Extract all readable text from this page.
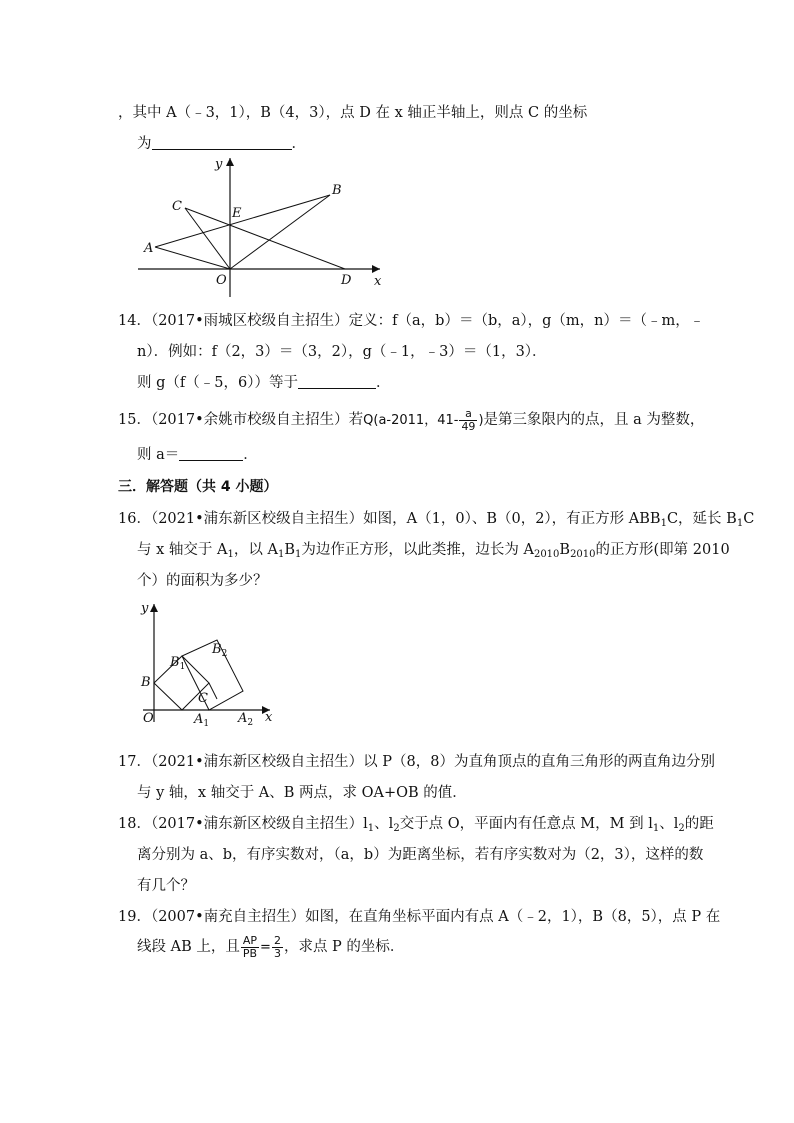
，其中 A（﹣3，1），B（4，3），点 D 在 x 轴正半轴上，则点 C 的坐标
为	．
y
x
B
C	E
A
O	D
14．（2017•雨城区校级自主招生）定义：f（a，b）＝（b，a），g（m，n）＝（﹣m，﹣
n）．例如：f（2，3）＝（3，2），g（﹣1，﹣3）＝（1，3）．
则 g（f（﹣5，6））等于	．
15．（2017•余姚市校级自主招生）若Q(a-2011，$41- \frac{a}{49}$ )是第三象限内的点，且 a 为整数，
则 a＝	．
三．解答题（共 4 小题）
16．（2021•浦东新区校级自主招生）如图，A（1，0）、B（0，2），有正方形 $ABB_1C$，延长 $B_1C$
与 x 轴交于 $A_1$，以 $A_1B_1$为边作正方形，以此类推，边长为 $A_{2010}B_{2010}$的正方形(即第 2010
个）的面积为多少？
y
x
B
$B_1$
$B_2$
C
O	$A_1$ $A_2$
17．（2021•浦东新区校级自主招生）以 P（8，8）为直角顶点的直角三角形的两直角边分别
与 y 轴，x 轴交于 A、B 两点，求 OA+OB 的值．
18．（2017•浦东新区校级自主招生）$l_1$、$l_2$交于点 O，平面内有任意点 M，M 到 $l_1$、$l_2$的距
离分别为 a、b，有序实数对，（a，b）为距离坐标，若有序实数对为（2，3），这样的数
有几个？
19．（2007•南充自主招生）如图，在直角坐标平面内有点 A（﹣2，1），B（8，5），点 P 在
线段 AB 上，且 $\frac{AP}{PB} = \frac{2}{3}$ ，求点 P 的坐标．
